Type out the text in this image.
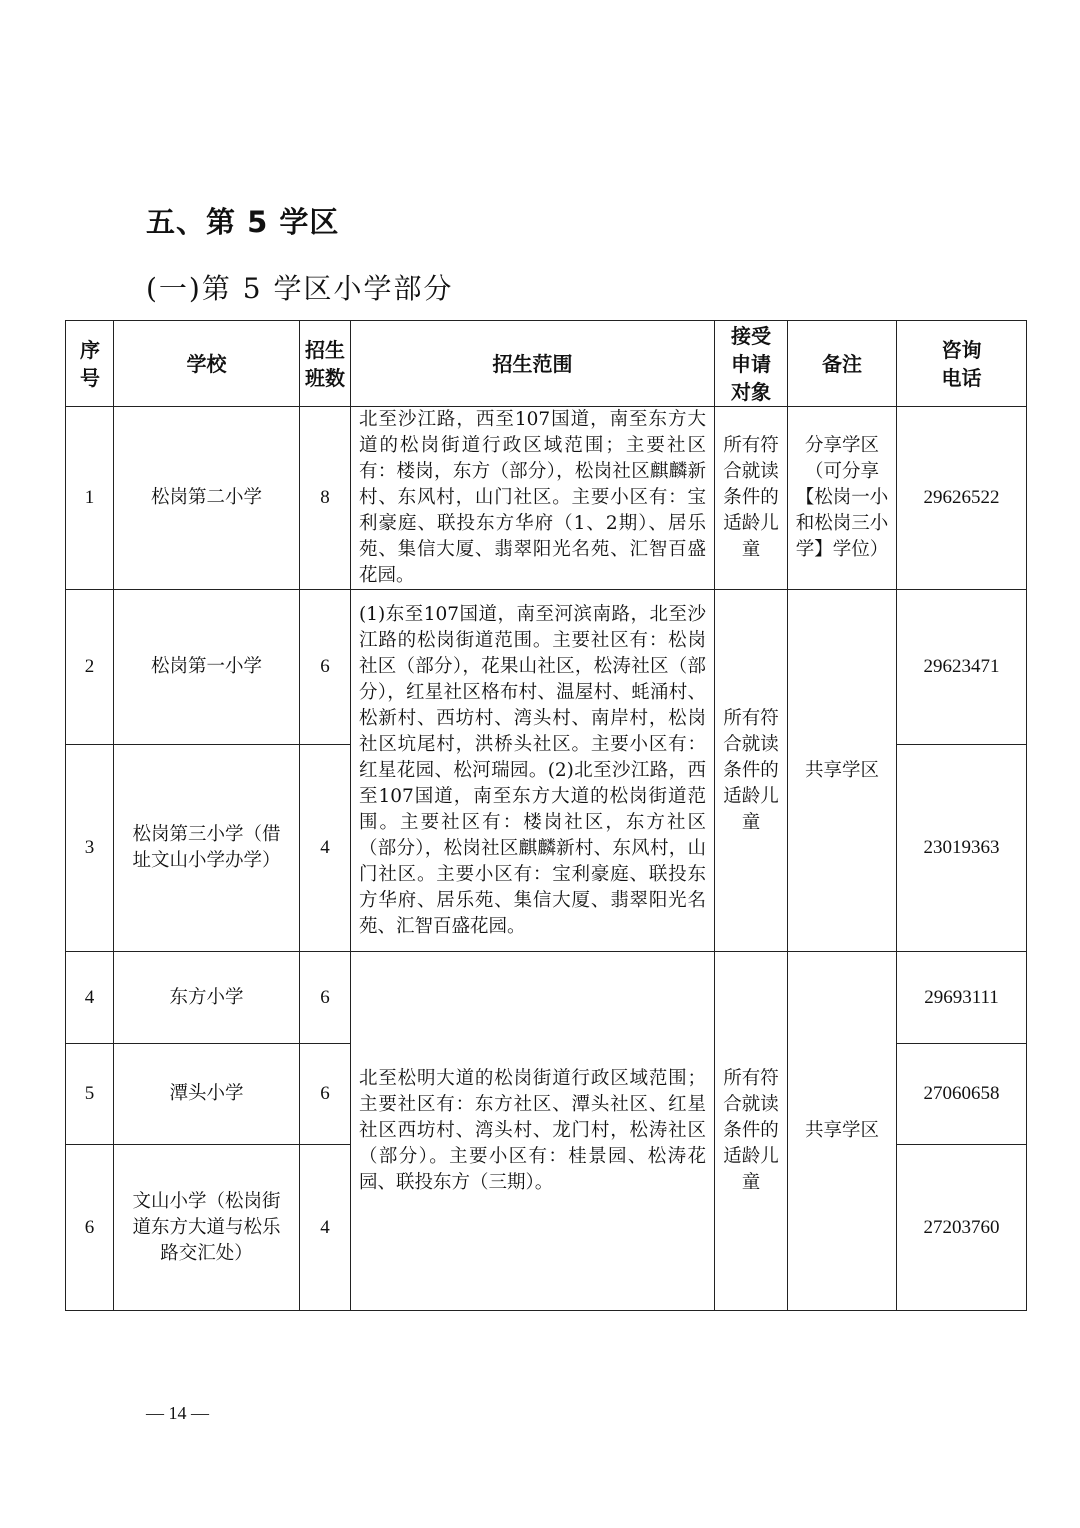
五、第 5 学区
(一)第 5 学区小学部分
序号	学校	招生班数	招生范围	接受申请对象	备注	咨询电话
1	松岗第二小学	8	北至沙江路，西至107国道，南至东方大道的松岗街道行政区域范围；主要社区有：楼岗，东方（部分），松岗社区麒麟新村、东风村，山门社区。主要小区有：宝利豪庭、联投东方华府（1、2期）、居乐苑、集信大厦、翡翠阳光名苑、汇智百盛花园。	所有符合就读条件的适龄儿童	分享学区（可分享【松岗一小和松岗三小学】学位）	29626522
2	松岗第一小学	6	(1)东至107国道，南至河滨南路，北至沙江路的松岗街道范围。主要社区有：松岗社区（部分），花果山社区，松涛社区（部分），红星社区格布村、温屋村、蚝涌村、松新村、西坊村、湾头村、南岸村，松岗社区坑尾村，洪桥头社区。主要小区有：红星花园、松河瑞园。(2)北至沙江路，西至107国道，南至东方大道的松岗街道范围。主要社区有：楼岗社区，东方社区（部分），松岗社区麒麟新村、东风村，山门社区。主要小区有：宝利豪庭、联投东方华府、居乐苑、集信大厦、翡翠阳光名苑、汇智百盛花园。	所有符合就读条件的适龄儿童	共享学区	29623471
3	松岗第三小学（借址文山小学办学）	4				23019363
4	东方小学	6	北至松明大道的松岗街道行政区域范围；主要社区有：东方社区、潭头社区、红星社区西坊村、湾头村、龙门村，松涛社区（部分）。主要小区有：桂景园、松涛花园、联投东方（三期）。	所有符合就读条件的适龄儿童	共享学区	29693111
5	潭头小学	6				27060658
6	文山小学（松岗街道东方大道与松乐路交汇处）	4				27203760
— 14 —
